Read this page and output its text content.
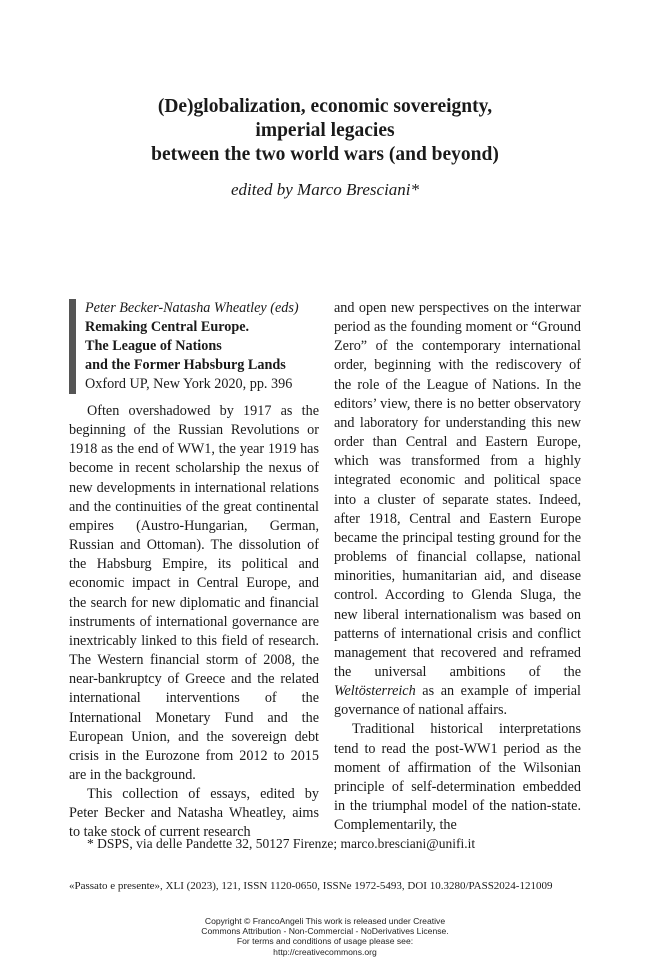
(De)globalization, economic sovereignty,
imperial legacies
between the two world wars (and beyond)
edited by Marco Bresciani*
Peter Becker-Natasha Wheatley (eds)
Remaking Central Europe.
The League of Nations
and the Former Habsburg Lands
Oxford UP, New York 2020, pp. 396

Often overshadowed by 1917 as the beginning of the Russian Revolutions or 1918 as the end of WW1, the year 1919 has become in recent scholarship the nexus of new developments in international relations and the continuities of the great continental empires (Austro-Hungarian, German, Russian and Ottoman). The dissolution of the Habsburg Empire, its political and economic impact in Central Europe, and the search for new diplomatic and financial instruments of international governance are inextricably linked to this field of research. The Western financial storm of 2008, the near-bankruptcy of Greece and the related international interventions of the International Monetary Fund and the European Union, and the sovereign debt crisis in the Eurozone from 2012 to 2015 are in the background.

This collection of essays, edited by Peter Becker and Natasha Wheatley, aims to take stock of current research

and open new perspectives on the interwar period as the founding moment or “Ground Zero” of the contemporary international order, beginning with the rediscovery of the role of the League of Nations. In the editors’ view, there is no better observatory and laboratory for understanding this new order than Central and Eastern Europe, which was transformed from a highly integrated economic and political space into a cluster of separate states. Indeed, after 1918, Central and Eastern Europe became the principal testing ground for the problems of financial collapse, national minorities, humanitarian aid, and disease control. According to Glenda Sluga, the new liberal internationalism was based on patterns of international crisis and conflict management that recovered and reframed the universal ambitions of the Weltösterreich as an example of imperial governance of national affairs.

Traditional historical interpretations tend to read the post-WW1 period as the moment of affirmation of the Wilsonian principle of self-determination embedded in the triumphal model of the nation-state. Complementarily, the

* DSPS, via delle Pandette 32, 50127 Firenze; marco.bresciani@unifi.it
«Passato e presente», XLI (2023), 121, ISSN 1120-0650, ISSNe 1972-5493, DOI 10.3280/PASS2024-121009
Copyright © FrancoAngeli This work is released under Creative
Commons Attribution - Non-Commercial - NoDerivatives License.
For terms and conditions of usage please see:
http://creativecommons.org
